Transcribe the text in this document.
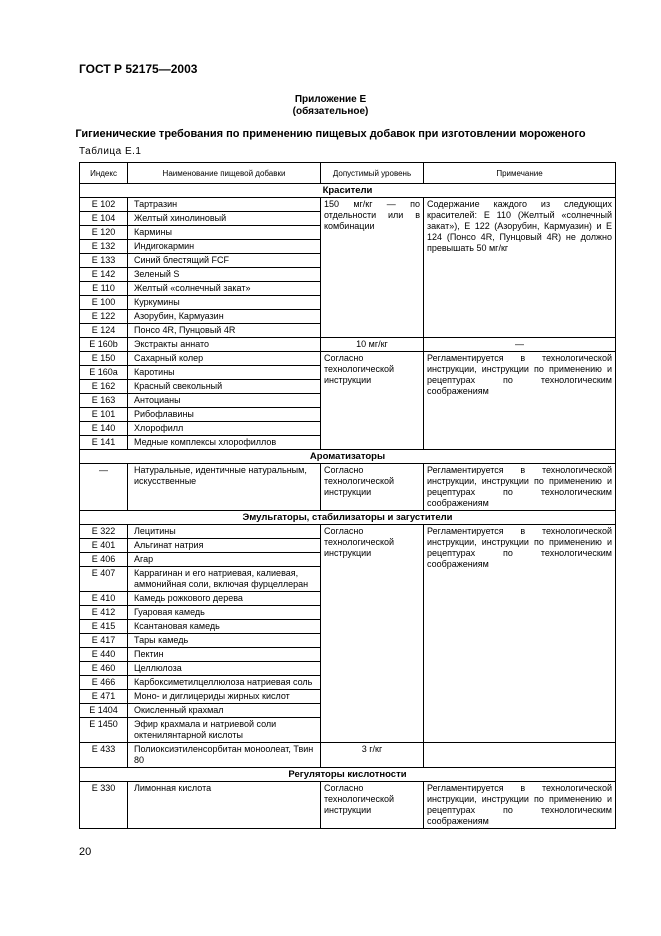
ГОСТ Р 52175—2003
Приложение Е
(обязательное)
Гигиенические требования по применению пищевых добавок при изготовлении мороженого
Таблица Е.1
Индекс	Наименование пищевой добавки	Допустимый уровень	Примечание
Красители			
Е 102	Тартразин	150 мг/кг — по отдельности или в комбинации	Содержание каждого из следующих красителей: Е 110 (Желтый «солнечный закат»), Е 122 (Азорубин, Кармуазин) и Е 124 (Понсо 4R, Пунцовый 4R) не должно превышать 50 мг/кг
Е 104	Желтый хинолиновый		
Е 120	Кармины		
Е 132	Индигокармин		
Е 133	Синий блестящий FCF		
Е 142	Зеленый S		
Е 110	Желтый «солнечный закат»		
Е 100	Куркумины		
Е 122	Азорубин, Кармуазин		
Е 124	Понсо 4R, Пунцовый 4R		
Е 160b	Экстракты аннато	10 мг/кг	—
Е 150	Сахарный колер	Согласно технологической инструкции	Регламентируется в технологической инструкции, инструкции по применению и рецептурах по технологическим соображениям
Е 160a	Каротины		
Е 162	Красный свекольный		
Е 163	Антоцианы		
Е 101	Рибофлавины		
Е 140	Хлорофилл		
Е 141	Медные комплексы хлорофиллов		
Ароматизаторы			
—	Натуральные, идентичные натуральным, искусственные	Согласно технологической инструкции	Регламентируется в технологической инструкции, инструкции по применению и рецептурах по технологическим соображениям
Эмульгаторы, стабилизаторы и загустители			
Е 322	Лецитины	Согласно технологической инструкции	Регламентируется в технологической инструкции, инструкции по применению и рецептурах по технологическим соображениям
Е 401	Альгинат натрия		
Е 406	Агар		
Е 407	Каррагинан и его натриевая, калиевая, аммонийная соли, включая фурцеллеран		
Е 410	Камедь рожкового дерева		
Е 412	Гуаровая камедь		
Е 415	Ксантановая камедь		
Е 417	Тары камедь		
Е 440	Пектин		
Е 460	Целлюлоза		
Е 466	Карбоксиметилцеллюлоза натриевая соль		
Е 471	Моно- и диглицериды жирных кислот		
Е 1404	Окисленный крахмал		
Е 1450	Эфир крахмала и натриевой соли октенилянтарной кислоты		
Е 433	Полиоксиэтиленсорбитан моноолеат, Твин 80	3 г/кг	
Регуляторы кислотности			
Е 330	Лимонная кислота	Согласно технологической инструкции	Регламентируется в технологической инструкции, инструкции по применению и рецептурах по технологическим соображениям
20
